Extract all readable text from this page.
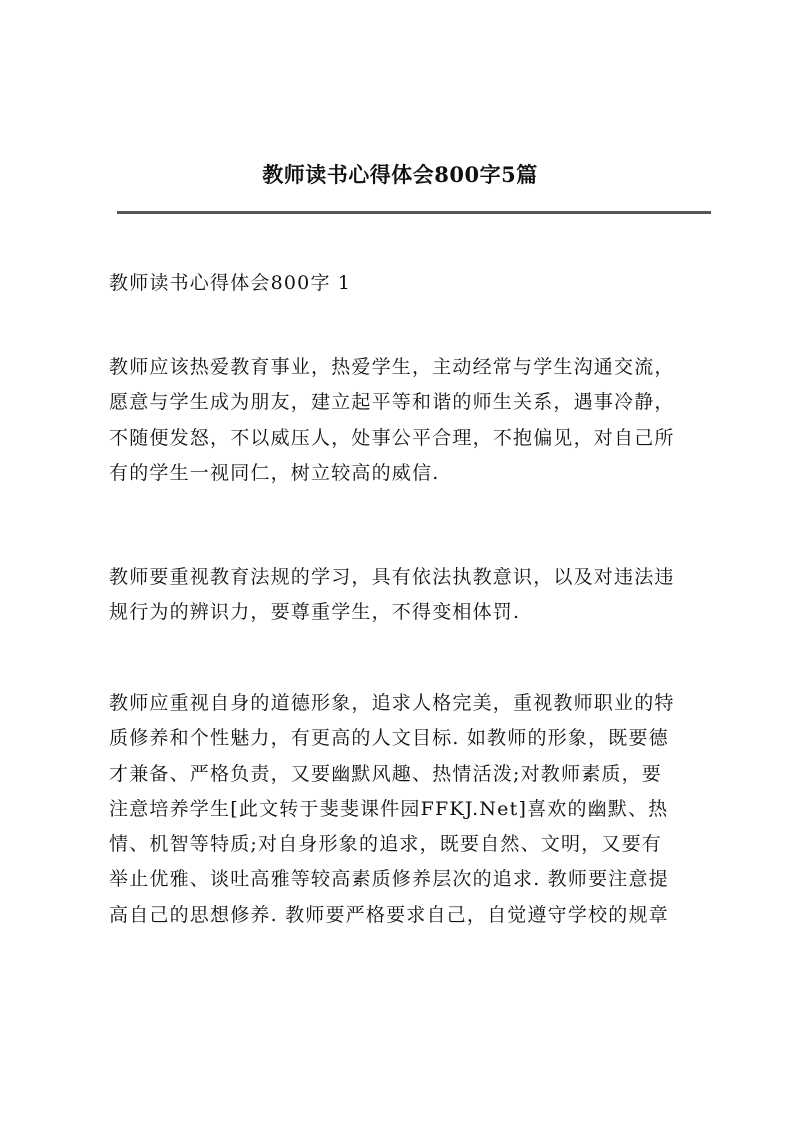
教师读书心得体会800字5篇
教师读书心得体会800字 1
教师应该热爱教育事业，热爱学生，主动经常与学生沟通交流，
愿意与学生成为朋友，建立起平等和谐的师生关系，遇事冷静，
不随便发怒，不以威压人，处事公平合理，不抱偏见，对自己所
有的学生一视同仁，树立较高的威信.
教师要重视教育法规的学习，具有依法执教意识，以及对违法违
规行为的辨识力，要尊重学生，不得变相体罚.
教师应重视自身的道德形象，追求人格完美，重视教师职业的特
质修养和个性魅力，有更高的人文目标. 如教师的形象，既要德
才兼备、严格负责，又要幽默风趣、热情活泼;对教师素质，要
注意培养学生[此文转于斐斐课件园FFKJ.Net]喜欢的幽默、热
情、机智等特质;对自身形象的追求，既要自然、文明，又要有
举止优雅、谈吐高雅等较高素质修养层次的追求. 教师要注意提
高自己的思想修养. 教师要严格要求自己，自觉遵守学校的规章
